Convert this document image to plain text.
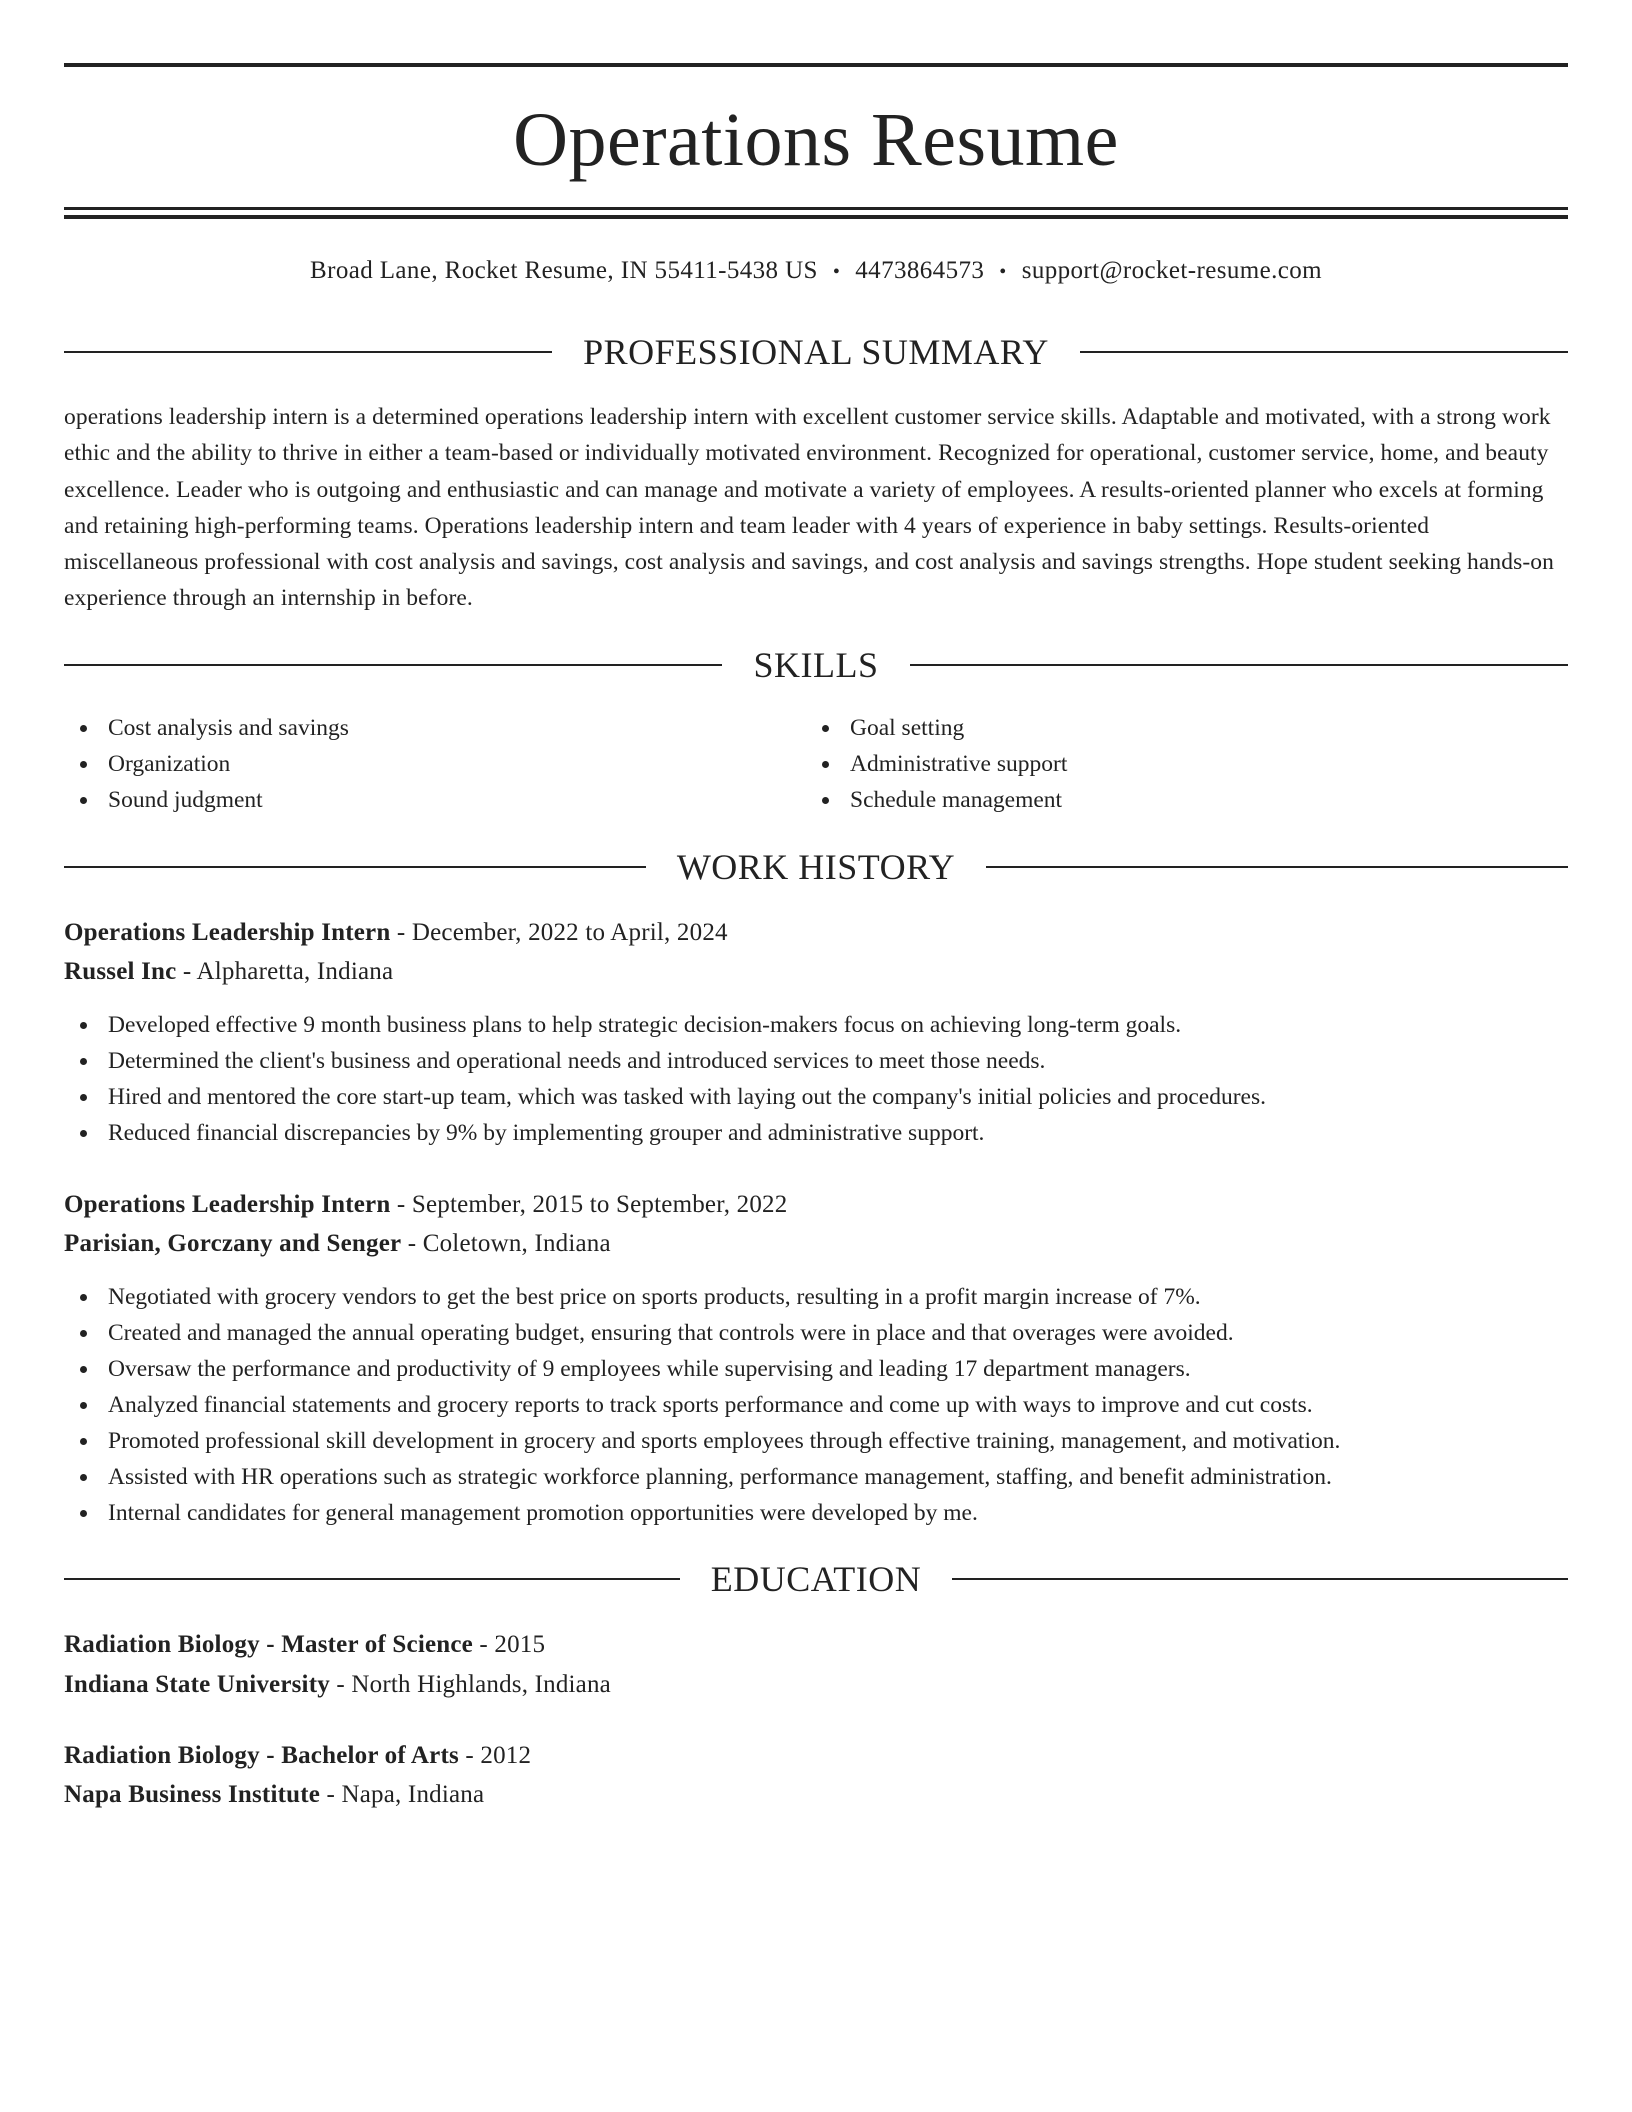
Operations Resume
Broad Lane, Rocket Resume, IN 55411-5438 US • 4473864573 • support@rocket-resume.com
PROFESSIONAL SUMMARY

operations leadership intern is a determined operations leadership intern with excellent customer service skills. Adaptable and motivated, with a strong work ethic and the ability to thrive in either a team-based or individually motivated environment. Recognized for operational, customer service, home, and beauty excellence. Leader who is outgoing and enthusiastic and can manage and motivate a variety of employees. A results-oriented planner who excels at forming and retaining high-performing teams. Operations leadership intern and team leader with 4 years of experience in baby settings. Results-oriented miscellaneous professional with cost analysis and savings, cost analysis and savings, and cost analysis and savings strengths. Hope student seeking hands-on experience through an internship in before.

SKILLS
Cost analysis and savings
Organization
Sound judgment
Goal setting
Administrative support
Schedule management
WORK HISTORY
Operations Leadership Intern - December, 2022 to April, 2024
Russel Inc - Alpharetta, Indiana
Developed effective 9 month business plans to help strategic decision-makers focus on achieving long-term goals.
Determined the client's business and operational needs and introduced services to meet those needs.
Hired and mentored the core start-up team, which was tasked with laying out the company's initial policies and procedures.
Reduced financial discrepancies by 9% by implementing grouper and administrative support.
Operations Leadership Intern - September, 2015 to September, 2022
Parisian, Gorczany and Senger - Coletown, Indiana
Negotiated with grocery vendors to get the best price on sports products, resulting in a profit margin increase of 7%.
Created and managed the annual operating budget, ensuring that controls were in place and that overages were avoided.
Oversaw the performance and productivity of 9 employees while supervising and leading 17 department managers.
Analyzed financial statements and grocery reports to track sports performance and come up with ways to improve and cut costs.
Promoted professional skill development in grocery and sports employees through effective training, management, and motivation.
Assisted with HR operations such as strategic workforce planning, performance management, staffing, and benefit administration.
Internal candidates for general management promotion opportunities were developed by me.
EDUCATION
Radiation Biology - Master of Science - 2015
Indiana State University - North Highlands, Indiana
Radiation Biology - Bachelor of Arts - 2012
Napa Business Institute - Napa, Indiana
